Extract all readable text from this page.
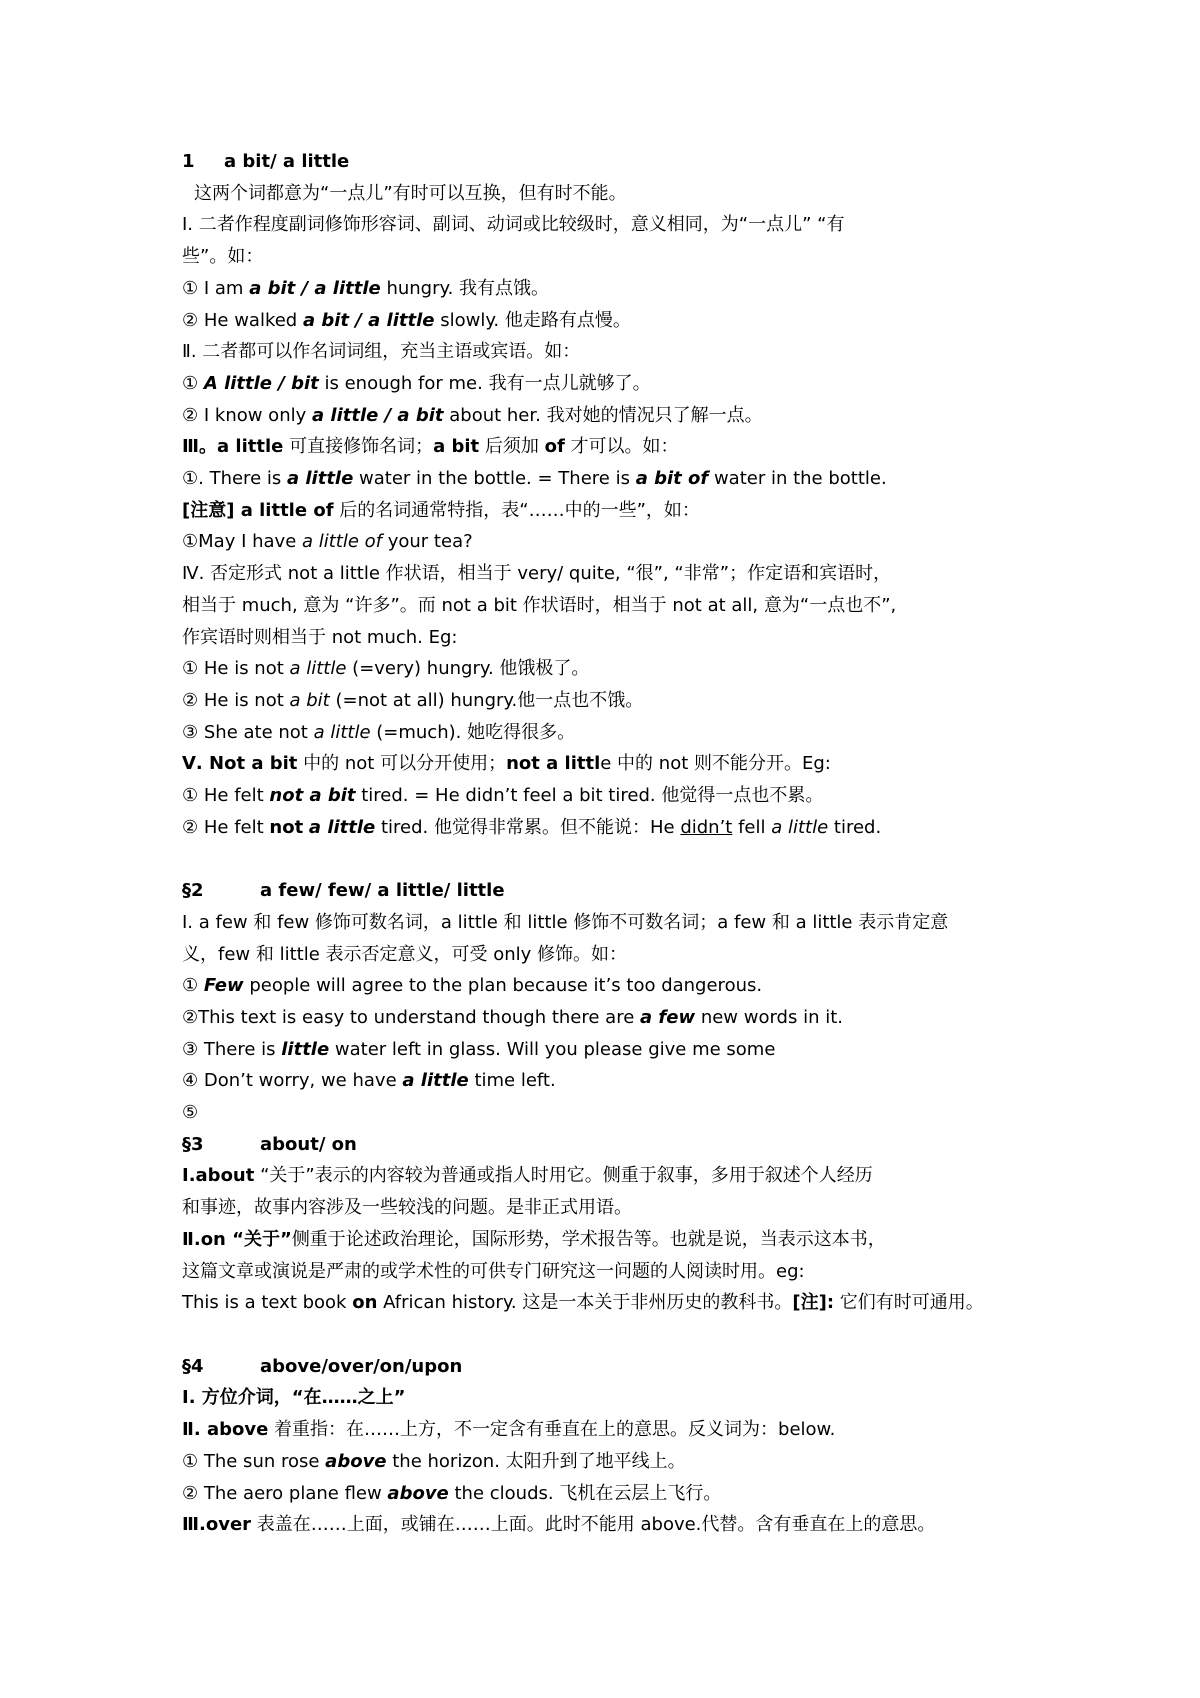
1 a bit/ a little
这两个词都意为“一点儿”有时可以互换，但有时不能。
Ⅰ. 二者作程度副词修饰形容词、副词、动词或比较级时，意义相同，为“一点儿” “有
些”。如：
① I am a bit / a little hungry. 我有点饿。
② He walked a bit / a little slowly. 他走路有点慢。
Ⅱ. 二者都可以作名词词组，充当主语或宾语。如：
① A little / bit is enough for me. 我有一点儿就够了。
② I know only a little / a bit about her. 我对她的情况只了解一点。
Ⅲ。a little 可直接修饰名词；a bit 后须加 of 才可以。如：
①. There is a little water in the bottle. = There is a bit of water in the bottle.
[注意] a little of 后的名词通常特指，表“……中的一些”，如：
①May I have a little of your tea?
Ⅳ. 否定形式 not a little 作状语，相当于 very/ quite, “很”, “非常”；作定语和宾语时，
相当于 much, 意为 “许多”。而 not a bit 作状语时，相当于 not at all, 意为“一点也不”,
作宾语时则相当于 not much. Eg:
① He is not a little (=very) hungry. 他饿极了。
② He is not a bit (=not at all) hungry.他一点也不饿。
③ She ate not a little (=much). 她吃得很多。
Ⅴ. Not a bit 中的 not 可以分开使用；not a little 中的 not 则不能分开。Eg:
① He felt not a bit tired. = He didn’t feel a bit tired. 他觉得一点也不累。
② He felt not a little tired. 他觉得非常累。但不能说：He didn’t fell a little tired.
§2	a few/ few/ a little/ little
Ⅰ. a few 和 few 修饰可数名词，a little 和 little 修饰不可数名词；a few 和 a little 表示肯定意
义，few 和 little 表示否定意义，可受 only 修饰。如：
① Few people will agree to the plan because it’s too dangerous.
②This text is easy to understand though there are a few new words in it.
③ There is little water left in glass. Will you please give me some
④ Don’t worry, we have a little time left.
⑤
§3	about/ on
Ⅰ.about “关于”表示的内容较为普通或指人时用它。侧重于叙事，多用于叙述个人经历
和事迹，故事内容涉及一些较浅的问题。是非正式用语。
Ⅱ.on “关于”侧重于论述政治理论，国际形势，学术报告等。也就是说，当表示这本书，
这篇文章或演说是严肃的或学术性的可供专门研究这一问题的人阅读时用。eg:
This is a text book on African history. 这是一本关于非州历史的教科书。[注]: 它们有时可通用。
§4	above/over/on/upon
Ⅰ. 方位介词，“在……之上”
Ⅱ. above 着重指：在……上方，不一定含有垂直在上的意思。反义词为：below.
① The sun rose above the horizon. 太阳升到了地平线上。
② The aero plane flew above the clouds. 飞机在云层上飞行。
Ⅲ.over 表盖在……上面，或铺在……上面。此时不能用 above.代替。含有垂直在上的意思。
